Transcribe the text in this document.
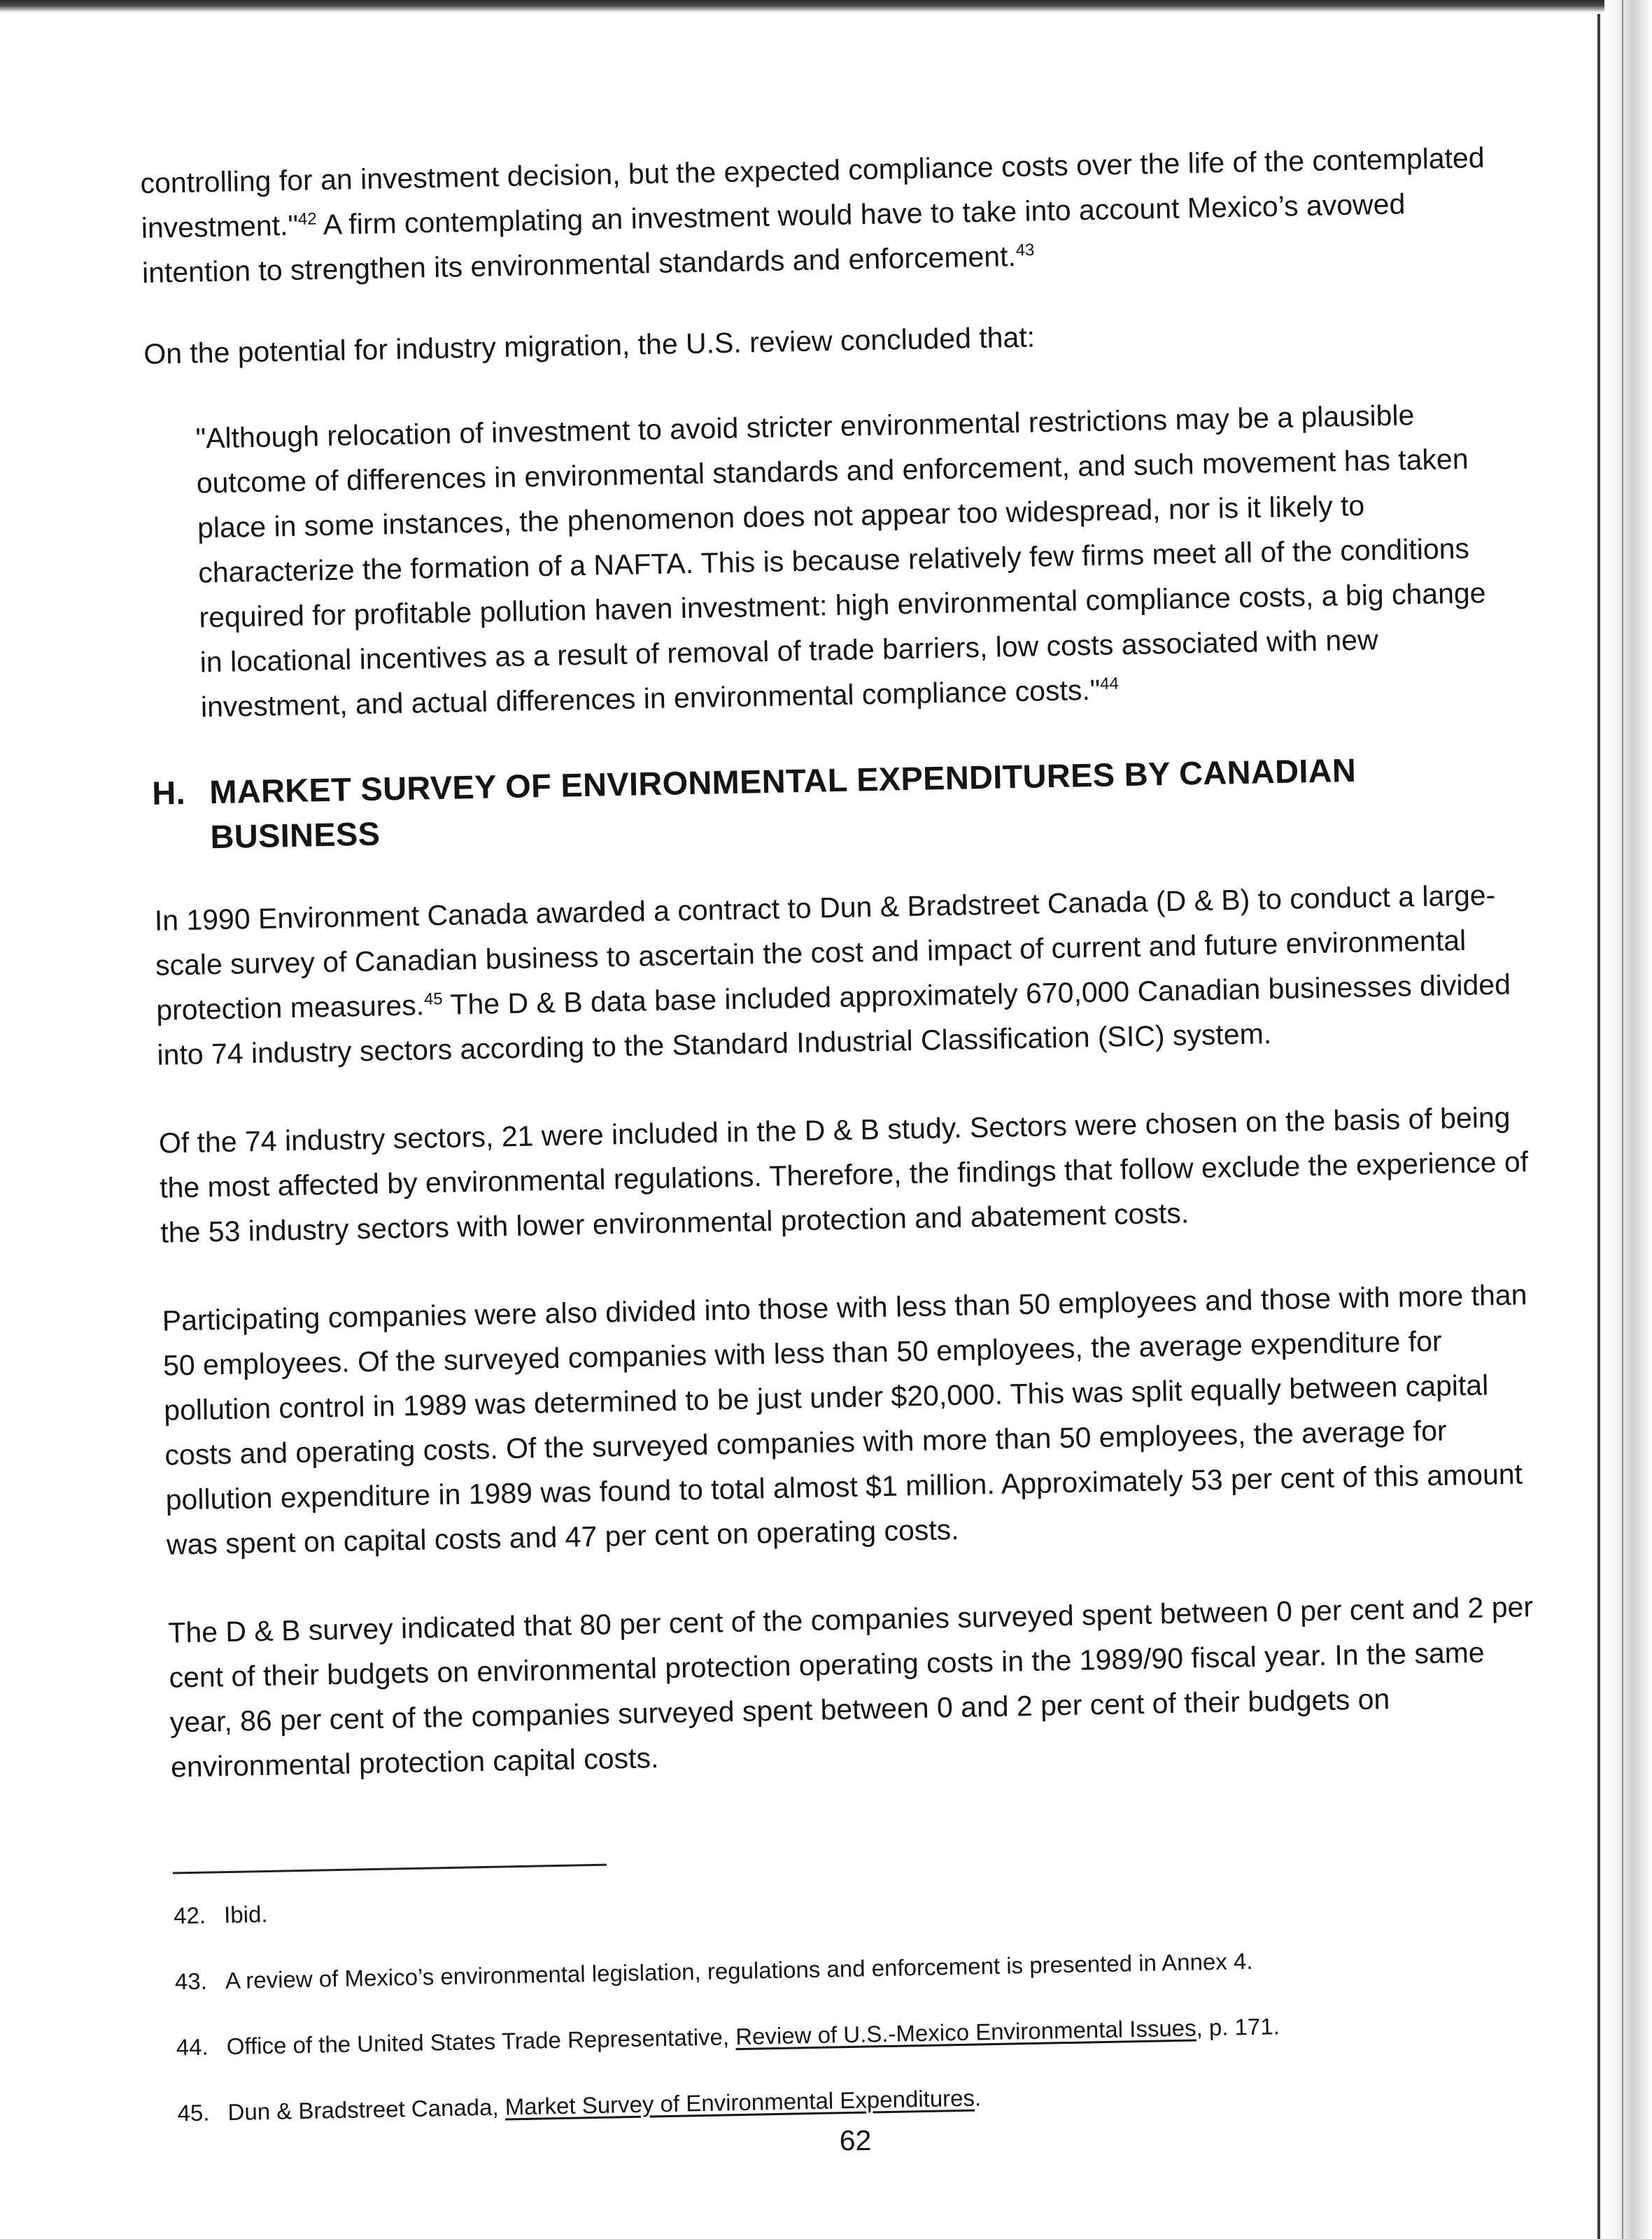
controlling for an investment decision, but the expected compliance costs over the life of the contemplated investment."$^{42}$ A firm contemplating an investment would have to take into account Mexico’s avowed intention to strengthen its environmental standards and enforcement.$^{43}$

On the potential for industry migration, the U.S. review concluded that:

"Although relocation of investment to avoid stricter environmental restrictions may be a plausible outcome of differences in environmental standards and enforcement, and such movement has taken place in some instances, the phenomenon does not appear too widespread, nor is it likely to characterize the formation of a NAFTA. This is because relatively few firms meet all of the conditions required for profitable pollution haven investment: high environmental compliance costs, a big change in locational incentives as a result of removal of trade barriers, low costs associated with new investment, and actual differences in environmental compliance costs."$^{44}$

H. MARKET SURVEY OF ENVIRONMENTAL EXPENDITURES BY CANADIAN BUSINESS

In 1990 Environment Canada awarded a contract to Dun & Bradstreet Canada (D & B) to conduct a large-scale survey of Canadian business to ascertain the cost and impact of current and future environmental protection measures.$^{45}$ The D & B data base included approximately 670,000 Canadian businesses divided into 74 industry sectors according to the Standard Industrial Classification (SIC) system.

Of the 74 industry sectors, 21 were included in the D & B study. Sectors were chosen on the basis of being the most affected by environmental regulations. Therefore, the findings that follow exclude the experience of the 53 industry sectors with lower environmental protection and abatement costs.

Participating companies were also divided into those with less than 50 employees and those with more than 50 employees. Of the surveyed companies with less than 50 employees, the average expenditure for pollution control in 1989 was determined to be just under $20,000. This was split equally between capital costs and operating costs. Of the surveyed companies with more than 50 employees, the average for pollution expenditure in 1989 was found to total almost $1 million. Approximately 53 per cent of this amount was spent on capital costs and 47 per cent on operating costs.

The D & B survey indicated that 80 per cent of the companies surveyed spent between 0 per cent and 2 per cent of their budgets on environmental protection operating costs in the 1989/90 fiscal year. In the same year, 86 per cent of the companies surveyed spent between 0 and 2 per cent of their budgets on environmental protection capital costs.

42. Ibid.
43. A review of Mexico’s environmental legislation, regulations and enforcement is presented in Annex 4.
44. Office of the United States Trade Representative, Review of U.S.-Mexico Environmental Issues, p. 171.
45. Dun & Bradstreet Canada, Market Survey of Environmental Expenditures.
62
